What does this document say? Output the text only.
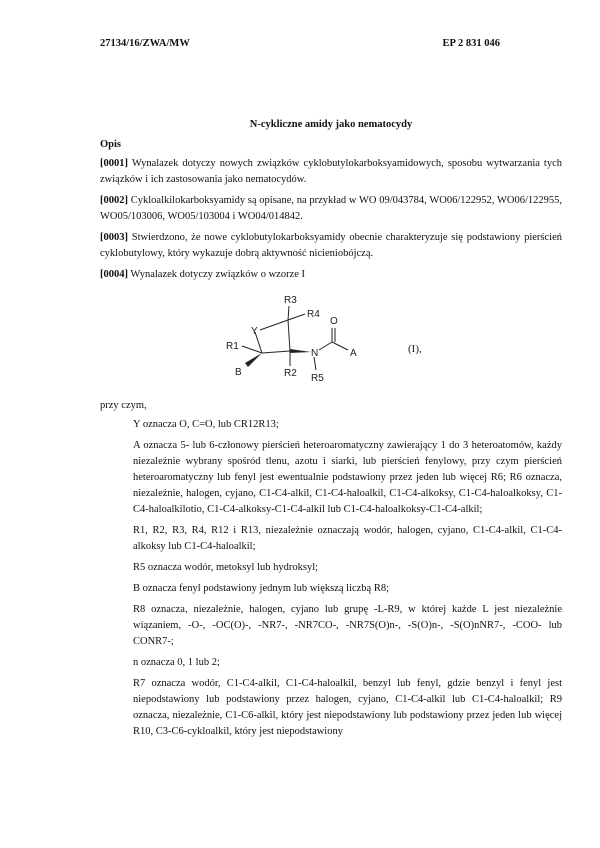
27134/16/ZWA/MW	EP 2 831 046
N-cykliczne amidy jako nematocydy
Opis

[0001] Wynalazek dotyczy nowych związków cyklobutylokarboksyamidowych, sposobu wytwarzania tych związków i ich zastosowania jako nematocydów.

[0002] Cykloalkilokarboksyamidy są opisane, na przykład w WO 09/043784, WO06/122952, WO06/122955, WO05/103006, WO05/103004 i WO04/014842.

[0003] Stwierdzono, że nowe cyklobutylokarboksyamidy obecnie charakteryzuje się podstawiony pierścień cyklobutylowy, który wykazuje dobrą aktywność nicieniobójczą.

[0004] Wynalazek dotyczy związków o wzorze I

Y
R3
R4
R1
B	R2
N
R5
O
A	(I),
przy czym,

Y oznacza O, C=O, lub CR12R13;

A oznacza 5- lub 6-członowy pierścień heteroaromatyczny zawierający 1 do 3 heteroatomów, każdy niezależnie wybrany spośród tlenu, azotu i siarki, lub pierścień fenylowy, przy czym pierścień heteroaromatyczny lub fenyl jest ewentualnie podstawiony przez jeden lub więcej R6; R6 oznacza, niezależnie, halogen, cyjano, C1-C4-alkil, C1-C4-haloalkil, C1-C4-alkoksy, C1-C4-haloalkoksy, C1-C4-haloalkilotio, C1-C4-alkoksy-C1-C4-alkil lub C1-C4-haloalkoksy-C1-C4-alkil;

R1, R2, R3, R4, R12 i R13, niezależnie oznaczają wodór, halogen, cyjano, C1-C4-alkil, C1-C4-alkoksy lub C1-C4-haloalkil;

R5 oznacza wodór, metoksyl lub hydroksyl;

B oznacza fenyl podstawiony jednym lub większą liczbą R8;

R8 oznacza, niezależnie, halogen, cyjano lub grupę -L-R9, w której każde L jest niezależnie wiązaniem, -O-, -OC(O)-, -NR7-, -NR7CO-, -NR7S(O)n-, -S(O)n-, -S(O)nNR7-, -COO- lub CONR7-;

n oznacza 0, 1 lub 2;

R7 oznacza wodór, C1-C4-alkil, C1-C4-haloalkil, benzyl lub fenyl, gdzie benzyl i fenyl jest niepodstawiony lub podstawiony przez halogen, cyjano, C1-C4-alkil lub C1-C4-haloalkil; R9 oznacza, niezależnie, C1-C6-alkil, który jest niepodstawiony lub podstawiony przez jeden lub więcej R10, C3-C6-cykloalkil, który jest niepodstawiony
